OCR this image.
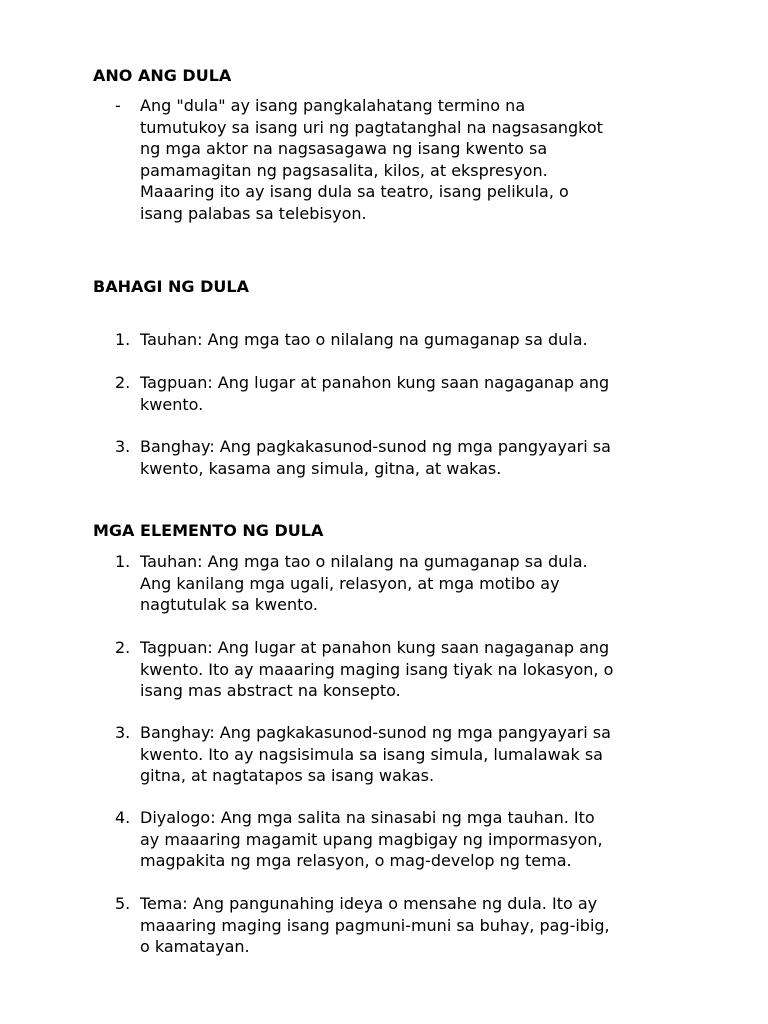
ANO ANG DULA
- Ang "dula" ay isang pangkalahatang termino na
tumutukoy sa isang uri ng pagtatanghal na nagsasangkot
ng mga aktor na nagsasagawa ng isang kwento sa
pamamagitan ng pagsasalita, kilos, at ekspresyon.
Maaaring ito ay isang dula sa teatro, isang pelikula, o
isang palabas sa telebisyon.
BAHAGI NG DULA
1. Tauhan: Ang mga tao o nilalang na gumaganap sa dula.
2. Tagpuan: Ang lugar at panahon kung saan nagaganap ang
kwento.
3. Banghay: Ang pagkakasunod-sunod ng mga pangyayari sa
kwento, kasama ang simula, gitna, at wakas.
MGA ELEMENTO NG DULA
1. Tauhan: Ang mga tao o nilalang na gumaganap sa dula.
Ang kanilang mga ugali, relasyon, at mga motibo ay
nagtutulak sa kwento.
2. Tagpuan: Ang lugar at panahon kung saan nagaganap ang
kwento. Ito ay maaaring maging isang tiyak na lokasyon, o
isang mas abstract na konsepto.
3. Banghay: Ang pagkakasunod-sunod ng mga pangyayari sa
kwento. Ito ay nagsisimula sa isang simula, lumalawak sa
gitna, at nagtatapos sa isang wakas.
4. Diyalogo: Ang mga salita na sinasabi ng mga tauhan. Ito
ay maaaring magamit upang magbigay ng impormasyon,
magpakita ng mga relasyon, o mag-develop ng tema.
5. Tema: Ang pangunahing ideya o mensahe ng dula. Ito ay
maaaring maging isang pagmuni-muni sa buhay, pag-ibig,
o kamatayan.
